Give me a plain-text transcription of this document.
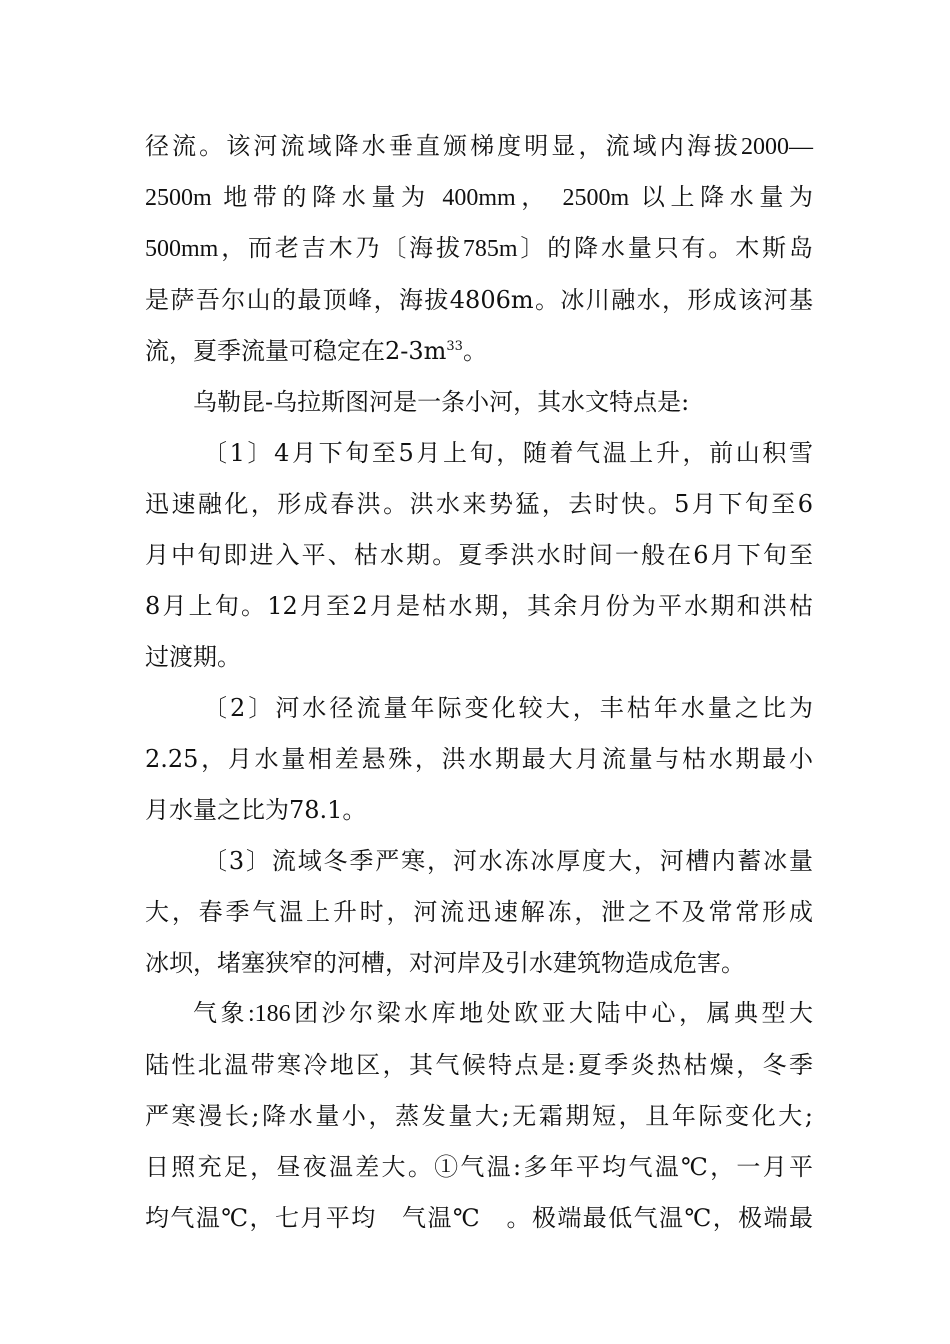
径流。该河流域降水垂直颁梯度明显，流域内海拔2000—
2500m 地带的降水量为 400mm， 2500m 以上降水量为
500mm，而老吉木乃〔海拔785m〕的降水量只有。木斯岛
是萨吾尔山的最顶峰，海拔4806m。冰川融水，形成该河基
流，夏季流量可稳定在$2-3m^{33}$。
乌勒昆-乌拉斯图河是一条小河，其水文特点是:
〔1〕4月下旬至5月上旬，随着气温上升，前山积雪
迅速融化，形成春洪。洪水来势猛，去时快。5月下旬至6
月中旬即进入平、枯水期。夏季洪水时间一般在6月下旬至
8月上旬。12月至2月是枯水期，其余月份为平水期和洪枯
过渡期。
〔2〕河水径流量年际变化较大，丰枯年水量之比为
2.25，月水量相差悬殊，洪水期最大月流量与枯水期最小
月水量之比为78.1。
〔3〕流域冬季严寒，河水冻冰厚度大，河槽内蓄冰量
大，春季气温上升时，河流迅速解冻，泄之不及常常形成
冰坝，堵塞狭窄的河槽，对河岸及引水建筑物造成危害。
气象:186团沙尔梁水库地处欧亚大陆中心，属典型大
陆性北温带寒冷地区，其气候特点是:夏季炎热枯燥，冬季
严寒漫长;降水量小，蒸发量大;无霜期短，且年际变化大;
日照充足，昼夜温差大。①气温:多年平均气温℃，一月平
均气温℃，七月平均　气温℃　。极端最低气温℃，极端最
